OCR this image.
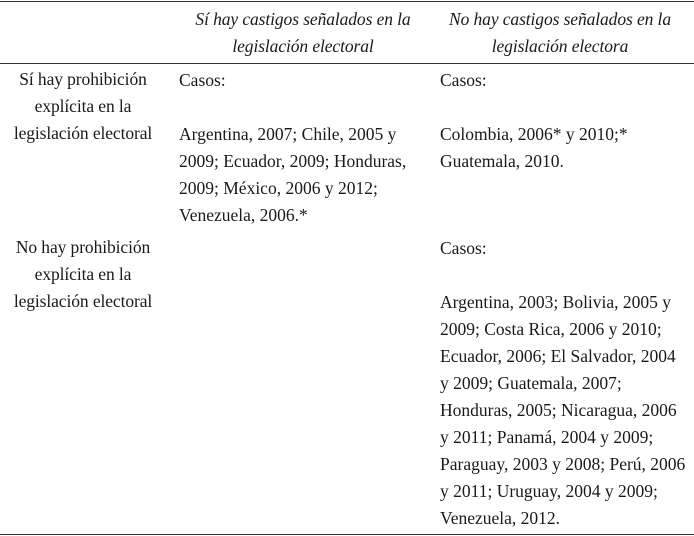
Sí hay castigos señalados en la legislación electoral
No hay castigos señalados en la legislación electora
Sí hay prohibición explícita en la legislación electoral
Casos:
Argentina, 2007; Chile, 2005 y 2009; Ecuador, 2009; Honduras, 2009; México, 2006 y 2012; Venezuela, 2006.*
Casos:
Colombia, 2006* y 2010;* Guatemala, 2010.
No hay prohibición explícita en la legislación electoral
Casos:
Argentina, 2003; Bolivia, 2005 y 2009; Costa Rica, 2006 y 2010; Ecuador, 2006; El Salvador, 2004 y 2009; Guatemala, 2007; Honduras, 2005; Nicaragua, 2006 y 2011; Panamá, 2004 y 2009; Paraguay, 2003 y 2008; Perú, 2006 y 2011; Uruguay, 2004 y 2009; Venezuela, 2012.
